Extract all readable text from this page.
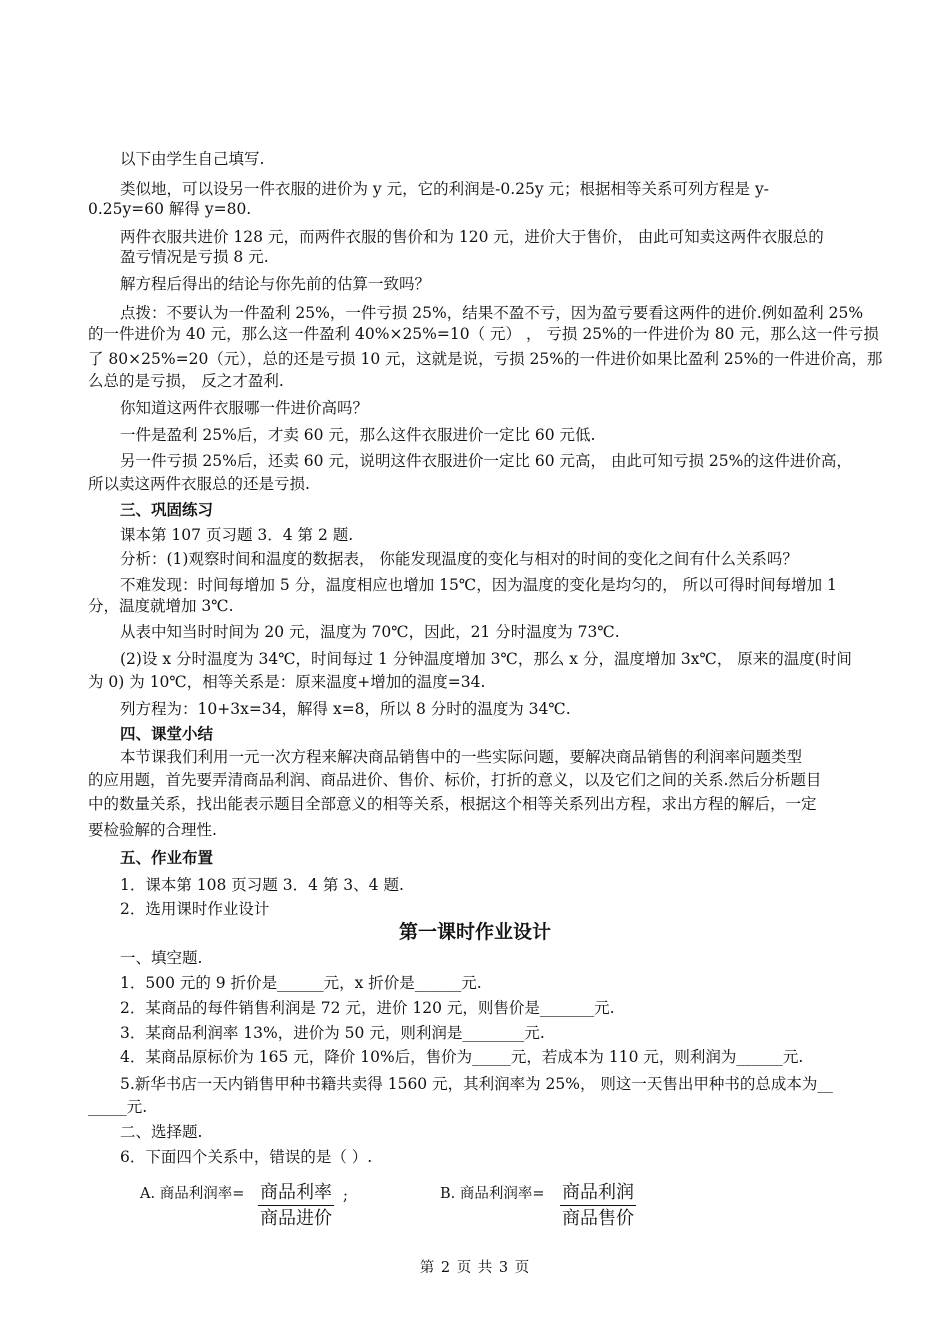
以下由学生自己填写.
类似地，可以设另一件衣服的进价为 y 元，它的利润是-0.25y 元；根据相等关系可列方程是 y-
0.25y=60 解得 y=80.
两件衣服共进价 128 元，而两件衣服的售价和为 120 元，进价大于售价， 由此可知卖这两件衣服总的
盈亏情况是亏损 8 元.
解方程后得出的结论与你先前的估算一致吗？
点拨：不要认为一件盈利 25%，一件亏损 25%，结果不盈不亏，因为盈亏要看这两件的进价.例如盈利 25%
的一件进价为 40 元，那么这一件盈利 40%×25%=10（ 元） ， 亏损 25%的一件进价为 80 元，那么这一件亏损
了 80×25%=20（元），总的还是亏损 10 元，这就是说，亏损 25%的一件进价如果比盈利 25%的一件进价高，那
么总的是亏损， 反之才盈利.
你知道这两件衣服哪一件进价高吗？
一件是盈利 25%后，才卖 60 元，那么这件衣服进价一定比 60 元低.
另一件亏损 25%后，还卖 60 元，说明这件衣服进价一定比 60 元高， 由此可知亏损 25%的这件进价高，
所以卖这两件衣服总的还是亏损.
三、巩固练习
课本第 107 页习题 3．4 第 2 题.
分析：(1)观察时间和温度的数据表， 你能发现温度的变化与相对的时间的变化之间有什么关系吗？
不难发现：时间每增加 5 分，温度相应也增加 15℃，因为温度的变化是均匀的， 所以可得时间每增加 1
分，温度就增加 3℃.
从表中知当时时间为 20 元，温度为 70℃，因此，21 分时温度为 73℃.
(2)设 x 分时温度为 34℃，时间每过 1 分钟温度增加 3℃，那么 x 分，温度增加 3x℃， 原来的温度(时间
为 0) 为 10℃，相等关系是：原来温度+增加的温度=34.
列方程为：10+3x=34，解得 x=8，所以 8 分时的温度为 34℃.
四、课堂小结
本节课我们利用一元一次方程来解决商品销售中的一些实际问题，要解决商品销售的利润率问题类型
的应用题，首先要弄清商品利润、商品进价、售价、标价，打折的意义，以及它们之间的关系.然后分析题目
中的数量关系，找出能表示题目全部意义的相等关系，根据这个相等关系列出方程，求出方程的解后，一定
要检验解的合理性.
五、作业布置
1．课本第 108 页习题 3．4 第 3、4 题.
2．选用课时作业设计
第一课时作业设计
一、填空题.
1．500 元的 9 折价是______元，x 折价是______元.
2．某商品的每件销售利润是 72 元，进价 120 元，则售价是_______元.
3．某商品利润率 13%，进价为 50 元，则利润是________元.
4．某商品原标价为 165 元，降价 10%后，售价为_____元，若成本为 110 元，则利润为______元.
5.新华书店一天内销售甲种书籍共卖得 1560 元，其利润率为 25%， 则这一天售出甲种书的总成本为__
_____元.
二、选择题.
6．下面四个关系中，错误的是（ ）.
A. 商品利润率= 商品利率
商品进价
;	B. 商品利润率= 商品利润
商品售价
第 2 页 共 3 页
